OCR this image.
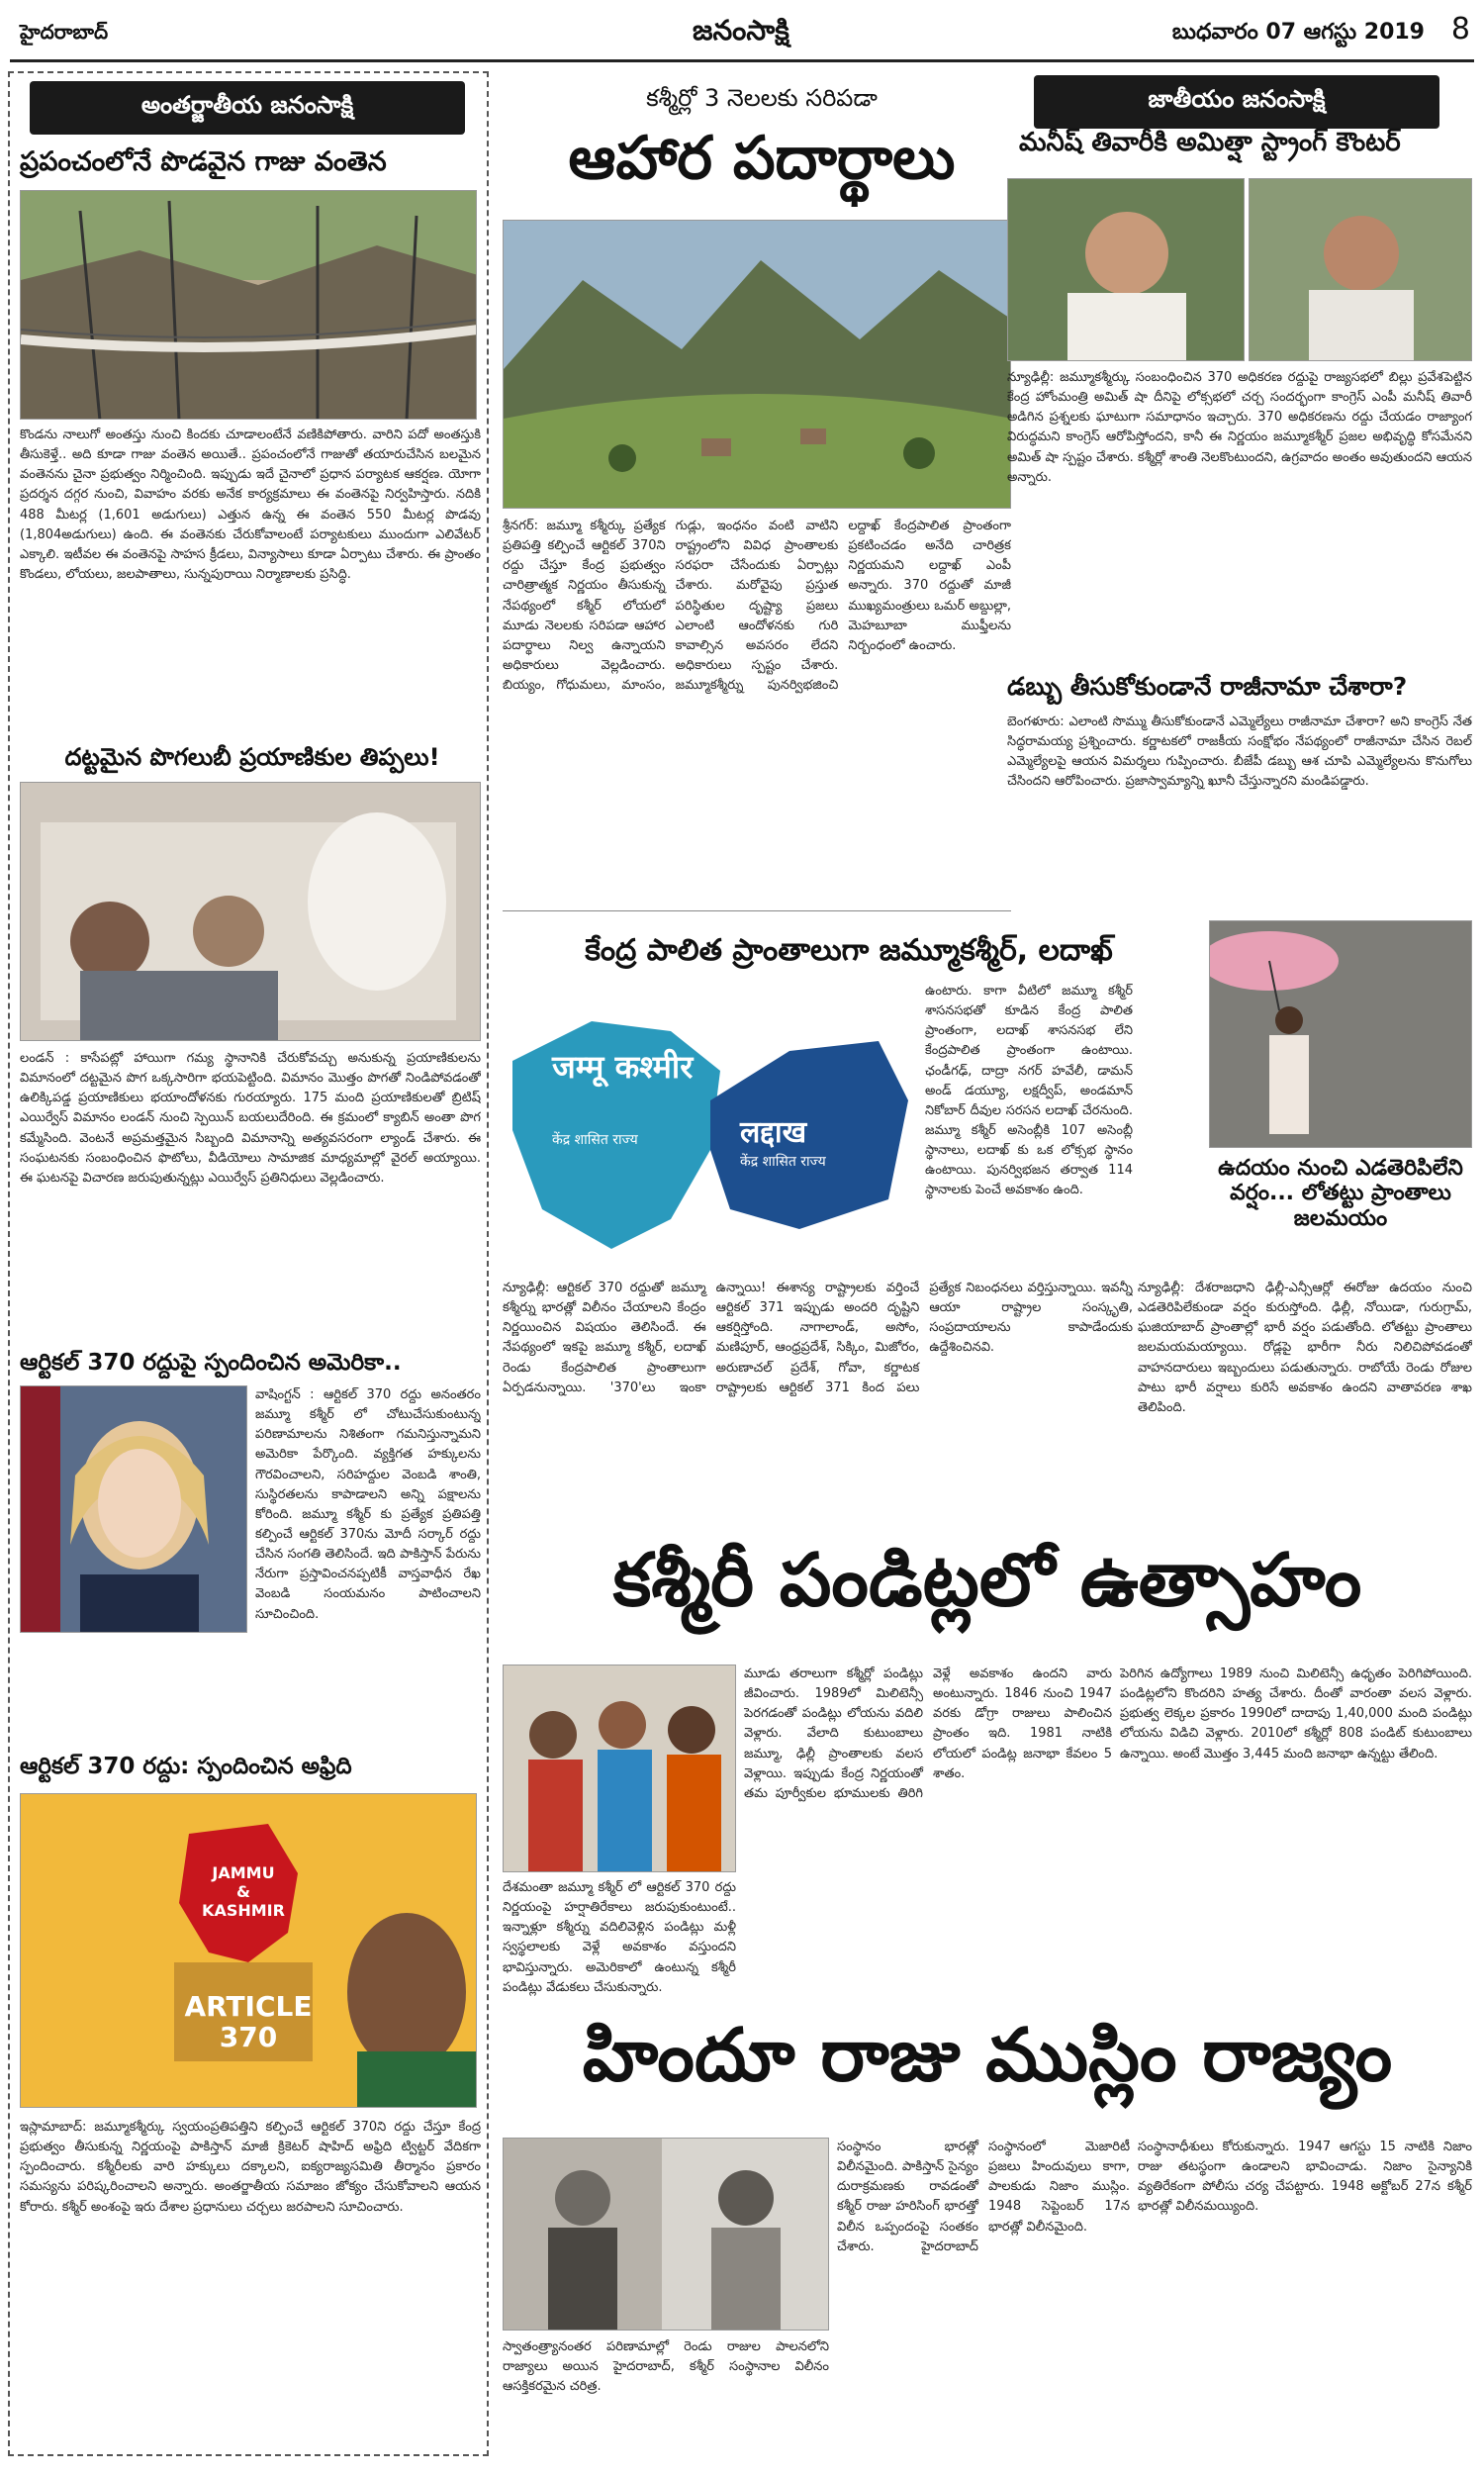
హైదరాబాద్	జనంసాక్షి	బుధవారం 07 ఆగస్టు 2019 8
అంతర్జాతీయ జనంసాక్షి
ప్రపంచంలోనే పొడవైన గాజు వంతెన
కొండను నాలుగో అంతస్తు నుంచి కిందకు చూడాలంటేనే వణికిపోతారు. వారిని పదో అంతస్తుకి తీసుకెళ్తే.. అది కూడా గాజు వంతెన అయితే.. ప్రపంచంలోనే గాజుతో తయారుచేసిన బలమైన వంతెనను చైనా ప్రభుత్వం నిర్మించింది. ఇప్పుడు ఇదే చైనాలో ప్రధాన పర్యాటక ఆకర్షణ. యోగా ప్రదర్శన దగ్గర నుంచి, వివాహం వరకు అనేక కార్యక్రమాలు ఈ వంతెనపై నిర్వహిస్తారు. నదికి 488 మీటర్ల (1,601 అడుగులు) ఎత్తున ఉన్న ఈ వంతెన 550 మీటర్ల పొడవు (1,804అడుగులు) ఉంది. ఈ వంతెనకు చేరుకోవాలంటే పర్యాటకులు ముందుగా ఎలివేటర్ ఎక్కాలి. ఇటీవల ఈ వంతెనపై సాహస క్రీడలు, విన్యాసాలు కూడా ఏర్పాటు చేశారు. ఈ ప్రాంతం కొండలు, లోయలు, జలపాతాలు, సున్నపురాయి నిర్మాణాలకు ప్రసిద్ధి.
దట్టమైన పొగలుబీ ప్రయాణికుల తిప్పలు!
లండన్ : కాసేపట్లో హాయిగా గమ్య స్థానానికి చేరుకోవచ్చు అనుకున్న ప్రయాణికులను విమానంలో దట్టమైన పొగ ఒక్కసారిగా భయపెట్టింది. విమానం మొత్తం పొగతో నిండిపోవడంతో ఉలిక్కిపడ్డ ప్రయాణికులు భయాందోళనకు గురయ్యారు. 175 మంది ప్రయాణికులతో బ్రిటిష్ ఎయిర్వేస్ విమానం లండన్ నుంచి స్పెయిన్ బయలుదేరింది. ఈ క్రమంలో క్యాబిన్ అంతా పొగ కమ్మేసింది. వెంటనే అప్రమత్తమైన సిబ్బంది విమానాన్ని అత్యవసరంగా ల్యాండ్ చేశారు. ఈ సంఘటనకు సంబంధించిన ఫొటోలు, వీడియోలు సామాజిక మాధ్యమాల్లో వైరల్ అయ్యాయి. ఈ ఘటనపై విచారణ జరుపుతున్నట్లు ఎయిర్వేస్ ప్రతినిధులు వెల్లడించారు.
ఆర్టికల్ 370 రద్దుపై స్పందించిన అమెరికా..
వాషింగ్టన్ : ఆర్టికల్ 370 రద్దు అనంతరం జమ్మూ కశ్మీర్ లో చోటుచేసుకుంటున్న పరిణామాలను నిశితంగా గమనిస్తున్నామని అమెరికా పేర్కొంది. వ్యక్తిగత హక్కులను గౌరవించాలని, సరిహద్దుల వెంబడి శాంతి, సుస్థిరతలను కాపాడాలని అన్ని పక్షాలను కోరింది. జమ్మూ కశ్మీర్ కు ప్రత్యేక ప్రతిపత్తి కల్పించే ఆర్టికల్ 370ను మోదీ సర్కార్ రద్దు చేసిన సంగతి తెలిసిందే. ఇది పాకిస్తాన్ పేరును నేరుగా ప్రస్తావించనప్పటికీ వాస్తవాధీన రేఖ వెంబడి సంయమనం పాటించాలని సూచించింది.
ఆర్టికల్ 370 రద్దు: స్పందించిన అఫ్రిది
JAMMU
&
KASHMIR
ARTICLE 370
ఇస్లామాబాద్: జమ్మూకశ్మీర్కు స్వయంప్రతిపత్తిని కల్పించే ఆర్టికల్ 370ని రద్దు చేస్తూ కేంద్ర ప్రభుత్వం తీసుకున్న నిర్ణయంపై పాకిస్తాన్ మాజీ క్రికెటర్ షాహిద్ అఫ్రిది ట్విట్టర్ వేదికగా స్పందించారు. కశ్మీరీలకు వారి హక్కులు దక్కాలని, ఐక్యరాజ్యసమితి తీర్మానం ప్రకారం సమస్యను పరిష్కరించాలని అన్నారు. అంతర్జాతీయ సమాజం జోక్యం చేసుకోవాలని ఆయన కోరారు. కశ్మీర్ అంశంపై ఇరు దేశాల ప్రధానులు చర్చలు జరపాలని సూచించారు.
కశ్మీర్లో 3 నెలలకు సరిపడా
ఆహార పదార్థాలు
శ్రీనగర్: జమ్మూ కశ్మీర్కు ప్రత్యేక ప్రతిపత్తి కల్పించే ఆర్టికల్ 370ని రద్దు చేస్తూ కేంద్ర ప్రభుత్వం చారిత్రాత్మక నిర్ణయం తీసుకున్న నేపథ్యంలో కశ్మీర్ లోయలో మూడు నెలలకు సరిపడా ఆహార పదార్థాలు నిల్వ ఉన్నాయని అధికారులు వెల్లడించారు. బియ్యం, గోధుమలు, మాంసం, గుడ్లు, ఇంధనం వంటి వాటిని రాష్ట్రంలోని వివిధ ప్రాంతాలకు సరఫరా చేసేందుకు ఏర్పాట్లు చేశారు. మరోవైపు ప్రస్తుత పరిస్థితుల దృష్ట్యా ప్రజలు ఎలాంటి ఆందోళనకు గురి కావాల్సిన అవసరం లేదని అధికారులు స్పష్టం చేశారు. జమ్మూకశ్మీర్ను పునర్విభజించి లద్దాఖ్ కేంద్రపాలిత ప్రాంతంగా ప్రకటించడం అనేది చారిత్రక నిర్ణయమని లద్దాఖ్ ఎంపీ అన్నారు. 370 రద్దుతో మాజీ ముఖ్యమంత్రులు ఒమర్ అబ్దుల్లా, మెహబూబా ముఫ్తీలను నిర్బంధంలో ఉంచారు.
కేంద్ర పాలిత ప్రాంతాలుగా జమ్మూకశ్మీర్, లదాఖ్
जम्मू कश्मीर
केंद्र शासित राज्य	लद्दाख
केंद्र शासित राज्य
ఉంటారు. కాగా వీటిలో జమ్మూ కశ్మీర్ శాసనసభతో కూడిన కేంద్ర పాలిత ప్రాంతంగా, లదాఖ్ శాసనసభ లేని కేంద్రపాలిత ప్రాంతంగా ఉంటాయి. ఛండీగఢ్, దాద్రా నగర్ హవేలీ, డామన్ అండ్ డయ్యూ, లక్షద్వీప్, అండమాన్ నికోబార్ దీవుల సరసన లదాఖ్ చేరనుంది. జమ్మూ కశ్మీర్ అసెంబ్లీకి 107 అసెంబ్లీ స్థానాలు, లదాఖ్ కు ఒక లోక్సభ స్థానం ఉంటాయి. పునర్విభజన తర్వాత 114 స్థానాలకు పెంచే అవకాశం ఉంది.
న్యూఢిల్లీ: ఆర్టికల్ 370 రద్దుతో జమ్మూ కశ్మీర్ను భారత్లో విలీనం చేయాలని కేంద్రం నిర్ణయించిన విషయం తెలిసిందే. ఈ నేపథ్యంలో ఇకపై జమ్మూ కశ్మీర్, లదాఖ్ రెండు కేంద్రపాలిత ప్రాంతాలుగా ఏర్పడనున్నాయి. '370'లు ఇంకా ఉన్నాయి! ఈశాన్య రాష్ట్రాలకు వర్తించే ఆర్టికల్ 371 ఇప్పుడు అందరి దృష్టిని ఆకర్షిస్తోంది. నాగాలాండ్, అసోం, మణిపూర్, ఆంధ్రప్రదేశ్, సిక్కిం, మిజోరం, అరుణాచల్ ప్రదేశ్, గోవా, కర్ణాటక రాష్ట్రాలకు ఆర్టికల్ 371 కింద పలు ప్రత్యేక నిబంధనలు వర్తిస్తున్నాయి. ఇవన్నీ ఆయా రాష్ట్రాల సంస్కృతి, సంప్రదాయాలను కాపాడేందుకు ఉద్దేశించినవి.
కశ్మీరీ పండిట్లలో ఉత్సాహం
దేశమంతా జమ్మూ కశ్మీర్ లో ఆర్టికల్ 370 రద్దు నిర్ణయంపై హర్షాతిరేకాలు జరుపుకుంటుంటే.. ఇన్నాళ్లూ కశ్మీర్ను వదిలివెళ్లిన పండిట్లు మళ్లీ స్వస్థలాలకు వెళ్లే అవకాశం వస్తుందని భావిస్తున్నారు. అమెరికాలో ఉంటున్న కశ్మీరీ పండిట్లు వేడుకలు చేసుకున్నారు.
మూడు తరాలుగా కశ్మీర్లో పండిట్లు జీవించారు. 1989లో మిలిటెన్సీ పెరగడంతో పండిట్లు లోయను వదిలి వెళ్లారు. వేలాది కుటుంబాలు జమ్మూ, ఢిల్లీ ప్రాంతాలకు వలస వెళ్లాయి. ఇప్పుడు కేంద్ర నిర్ణయంతో తమ పూర్వీకుల భూములకు తిరిగి వెళ్లే అవకాశం ఉందని వారు అంటున్నారు. 1846 నుంచి 1947 వరకు డోగ్రా రాజులు పాలించిన ప్రాంతం ఇది. 1981 నాటికి లోయలో పండిట్ల జనాభా కేవలం 5 శాతం.
పెరిగిన ఉద్యోగాలు 1989 నుంచి మిలిటెన్సీ ఉధృతం పెరిగిపోయింది. పండిట్లలోని కొందరిని హత్య చేశారు. దీంతో వారంతా వలస వెళ్లారు. ప్రభుత్వ లెక్కల ప్రకారం 1990లో దాదాపు 1,40,000 మంది పండిట్లు లోయను విడిచి వెళ్లారు. 2010లో కశ్మీర్లో 808 పండిట్ కుటుంబాలు ఉన్నాయి. అంటే మొత్తం 3,445 మంది జనాభా ఉన్నట్టు తేలింది.
హిందూ రాజు ముస్లిం రాజ్యం
స్వాతంత్ర్యానంతర పరిణామాల్లో రెండు రాజుల పాలనలోని రాజ్యాలు అయిన హైదరాబాద్, కశ్మీర్ సంస్థానాల విలీనం ఆసక్తికరమైన చరిత్ర.
సంస్థానం భారత్లో విలీనమైంది. పాకిస్తాన్ సైన్యం దురాక్రమణకు రావడంతో కశ్మీర్ రాజు హరిసింగ్ భారత్తో విలీన ఒప్పందంపై సంతకం చేశారు. హైదరాబాద్ సంస్థానంలో మెజారిటీ ప్రజలు హిందువులు కాగా, పాలకుడు నిజాం ముస్లిం. 1948 సెప్టెంబర్ 17న భారత్లో విలీనమైంది.
సంస్థానాధీశులు కోరుకున్నారు. 1947 ఆగస్టు 15 నాటికి నిజాం రాజు తటస్థంగా ఉండాలని భావించాడు. నిజాం సైన్యానికి వ్యతిరేకంగా పోలీసు చర్య చేపట్టారు. 1948 అక్టోబర్ 27న కశ్మీర్ భారత్లో విలీనమయ్యింది.
జాతీయం జనంసాక్షి
మనీష్ తివారీకి అమిత్షా స్ట్రాంగ్ కౌంటర్
న్యూఢిల్లీ: జమ్మూకశ్మీర్కు సంబంధించిన 370 అధికరణ రద్దుపై రాజ్యసభలో బిల్లు ప్రవేశపెట్టిన కేంద్ర హోంమంత్రి అమిత్ షా దీనిపై లోక్సభలో చర్చ సందర్భంగా కాంగ్రెస్ ఎంపీ మనీష్ తివారీ అడిగిన ప్రశ్నలకు ఘాటుగా సమాధానం ఇచ్చారు. 370 అధికరణను రద్దు చేయడం రాజ్యాంగ విరుద్ధమని కాంగ్రెస్ ఆరోపిస్తోందని, కానీ ఈ నిర్ణయం జమ్మూకశ్మీర్ ప్రజల అభివృద్ధి కోసమేనని అమిత్ షా స్పష్టం చేశారు. కశ్మీర్లో శాంతి నెలకొంటుందని, ఉగ్రవాదం అంతం అవుతుందని ఆయన అన్నారు.
డబ్బు తీసుకోకుండానే రాజీనామా చేశారా?
బెంగళూరు: ఎలాంటి సొమ్ము తీసుకోకుండానే ఎమ్మెల్యేలు రాజీనామా చేశారా? అని కాంగ్రెస్ నేత సిద్ధరామయ్య ప్రశ్నించారు. కర్ణాటకలో రాజకీయ సంక్షోభం నేపథ్యంలో రాజీనామా చేసిన రెబల్ ఎమ్మెల్యేలపై ఆయన విమర్శలు గుప్పించారు. బీజేపీ డబ్బు ఆశ చూపి ఎమ్మెల్యేలను కొనుగోలు చేసిందని ఆరోపించారు. ప్రజాస్వామ్యాన్ని ఖూనీ చేస్తున్నారని మండిపడ్డారు.
ఉదయం నుంచి ఎడతెరిపిలేని వర్షం... లోతట్టు ప్రాంతాలు జలమయం
న్యూఢిల్లీ: దేశరాజధాని ఢిల్లీ-ఎన్సీఆర్లో ఈరోజు ఉదయం నుంచి ఎడతెరిపిలేకుండా వర్షం కురుస్తోంది. ఢిల్లీ, నోయిడా, గురుగ్రామ్, ఘజియాబాద్ ప్రాంతాల్లో భారీ వర్షం పడుతోంది. లోతట్టు ప్రాంతాలు జలమయమయ్యాయి. రోడ్లపై భారీగా నీరు నిలిచిపోవడంతో వాహనదారులు ఇబ్బందులు పడుతున్నారు. రాబోయే రెండు రోజుల పాటు భారీ వర్షాలు కురిసే అవకాశం ఉందని వాతావరణ శాఖ తెలిపింది.
